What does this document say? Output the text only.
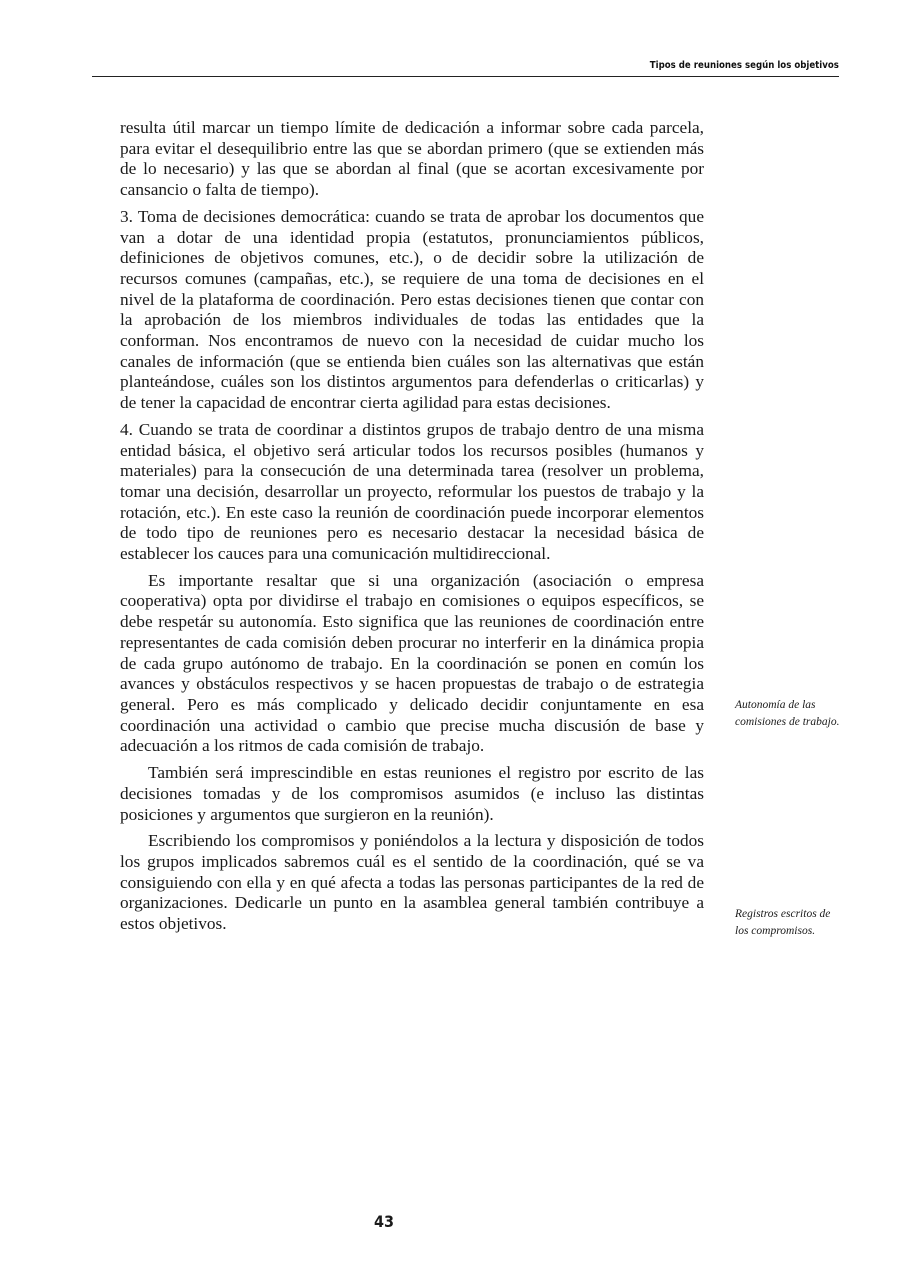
Tipos de reuniones según los objetivos

resulta útil marcar un tiempo límite de dedicación a informar sobre cada parcela, para evitar el desequilibrio entre las que se abordan primero (que se extienden más de lo necesario) y las que se abordan al final (que se acortan excesivamente por cansancio o falta de tiempo).

3. Toma de decisiones democrática: cuando se trata de aprobar los documentos que van a dotar de una identidad propia (estatutos, pronunciamientos públicos, definiciones de objetivos comunes, etc.), o de decidir sobre la utilización de recursos comunes (campañas, etc.), se requiere de una toma de decisiones en el nivel de la plataforma de coordinación. Pero estas decisiones tienen que contar con la aprobación de los miembros individuales de todas las entidades que la conforman. Nos encontramos de nuevo con la necesidad de cuidar mucho los canales de información (que se entienda bien cuáles son las alternativas que están planteándose, cuáles son los distintos argumentos para defenderlas o criticarlas) y de tener la capacidad de encontrar cierta agilidad para estas decisiones.

4. Cuando se trata de coordinar a distintos grupos de trabajo dentro de una misma entidad básica, el objetivo será articular todos los recursos posibles (humanos y materiales) para la consecución de una determinada tarea (resolver un problema, tomar una decisión, desarrollar un proyecto, reformular los puestos de trabajo y la rotación, etc.). En este caso la reunión de coordinación puede incorporar elementos de todo tipo de reuniones pero es necesario destacar la necesidad básica de establecer los cauces para una comunicación multidireccional.

Es importante resaltar que si una organización (asociación o empresa cooperativa) opta por dividirse el trabajo en comisiones o equipos específicos, se debe respetár su autonomía. Esto significa que las reuniones de coordinación entre representantes de cada comisión deben procurar no interferir en la dinámica propia de cada grupo autónomo de trabajo. En la coordinación se ponen en común los avances y obstáculos respectivos y se hacen propuestas de trabajo o de estrategia general. Pero es más complicado y delicado decidir conjuntamente en esa coordinación una actividad o cambio que precise mucha discusión de base y adecuación a los ritmos de cada comisión de trabajo.

También será imprescindible en estas reuniones el registro por escrito de las decisiones tomadas y de los compromisos asumidos (e incluso las distintas posiciones y argumentos que surgieron en la reunión).

Escribiendo los compromisos y poniéndolos a la lectura y disposición de todos los grupos implicados sabremos cuál es el sentido de la coordinación, qué se va consiguiendo con ella y en qué afecta a todas las personas participantes de la red de organizaciones. Dedicarle un punto en la asamblea general también contribuye a estos objetivos.

Autonomía de las comisiones de trabajo.
Registros escritos de los compromisos.
43
